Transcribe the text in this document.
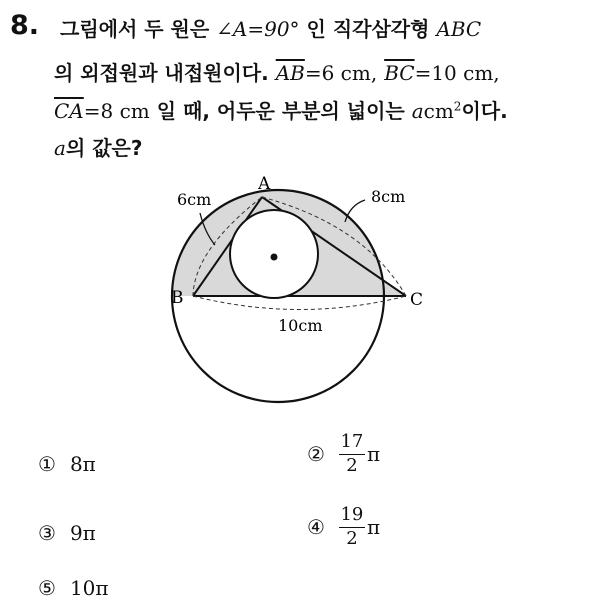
8. 그림에서 두 원은 ∠A=90° 인 직각삼각형 ABC
의 외접원과 내접원이다. $\overline{AB}=6$ cm, $\overline{BC}=10$ cm,
$\overline{CA}=8$ cm 일 때, 어두운 부분의 넓이는 acm$^2$이다.
a의 값은?
A
B	C
6cm	8cm
10cm
① 8π	② $\frac{17}{2}$ π
③ 9π	④ $\frac{19}{2}$ π
⑤ 10π
